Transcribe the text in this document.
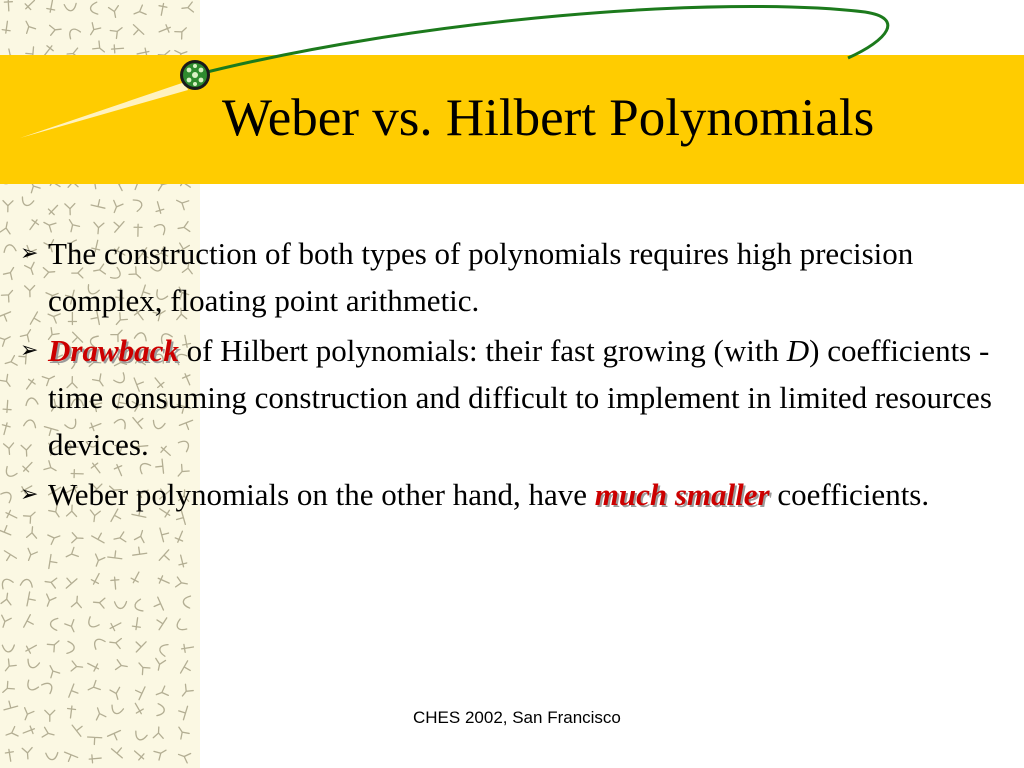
Weber vs. Hilbert Polynomials
➢ The construction of both types of polynomials requires high precision complex, floating point arithmetic.
➢ Drawback of Hilbert polynomials: their fast growing (with D) coefficients - time consuming construction and difficult to implement in limited resources devices.
➢ Weber polynomials on the other hand, have much smaller coefficients.
CHES 2002, San Francisco
